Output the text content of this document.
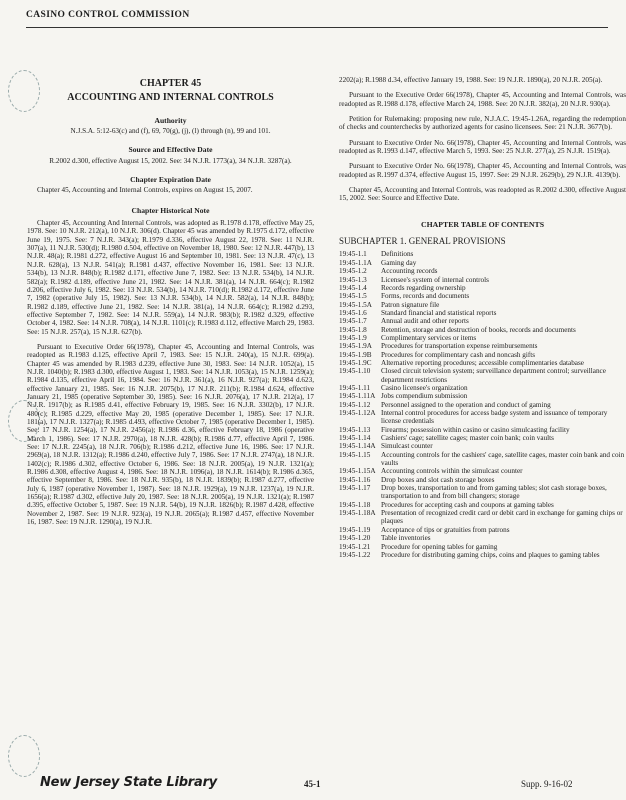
CASINO CONTROL COMMISSION
CHAPTER 45
ACCOUNTING AND INTERNAL CONTROLS
Authority
N.J.S.A. 5:12-63(c) and (f), 69, 70(g), (j), (l) through (n), 99 and 101.
Source and Effective Date
R.2002 d.300, effective August 15, 2002. See: 34 N.J.R. 1773(a), 34 N.J.R. 3287(a).
Chapter Expiration Date

Chapter 45, Accounting and Internal Controls, expires on August 15, 2007.

Chapter Historical Note

Chapter 45, Accounting And Internal Controls, was adopted as R.1978 d.178, effective May 25, 1978. See: 10 N.J.R. 212(a), 10 N.J.R. 306(d). Chapter 45 was amended by R.1975 d.172, effective June 19, 1975. See: 7 N.J.R. 343(a); R.1979 d.336, effective August 22, 1978. See: 11 N.J.R. 307(a), 11 N.J.R. 530(d); R.1980 d.504, effective on November 18, 1980. See: 12 N.J.R. 447(b), 13 N.J.R. 48(a); R.1981 d.272, effective August 16 and September 10, 1981. See: 13 N.J.R. 47(c), 13 N.J.R. 628(a), 13 N.J.R. 541(a); R.1981 d.437, effective November 16, 1981. See: 13 N.J.R. 534(b), 13 N.J.R. 848(b); R.1982 d.171, effective June 7, 1982. See: 13 N.J.R. 534(b), 14 N.J.R. 582(a); R.1982 d.189, effective June 21, 1982. See: 14 N.J.R. 381(a), 14 N.J.R. 664(c); R.1982 d.206, effective July 6, 1982. See: 13 N.J.R. 534(b), 14 N.J.R. 710(d); R.1982 d.172, effective June 7, 1982 (operative July 15, 1982). See: 13 N.J.R. 534(b), 14 N.J.R. 582(a), 14 N.J.R. 848(b); R.1982 d.189, effective June 21, 1982. See: 14 N.J.R. 381(a), 14 N.J.R. 664(c); R.1982 d.293, effective September 7, 1982. See: 14 N.J.R. 559(a), 14 N.J.R. 983(b); R.1982 d.329, effective October 4, 1982. See: 14 N.J.R. 708(a), 14 N.J.R. 1101(c); R.1983 d.112, effective March 29, 1983. See: 15 N.J.R. 257(a), 15 N.J.R. 627(b).

Pursuant to Executive Order 66(1978), Chapter 45, Accounting and Internal Controls, was readopted as R.1983 d.125, effective April 7, 1983. See: 15 N.J.R. 240(a), 15 N.J.R. 699(a). Chapter 45 was amended by R.1983 d.239, effective June 30, 1983. See: 14 N.J.R. 1052(a), 15 N.J.R. 1040(b); R.1983 d.300, effective August 1, 1983. See: 14 N.J.R. 1053(a), 15 N.J.R. 1259(a); R.1984 d.135, effective April 16, 1984. See: 16 N.J.R. 361(a), 16 N.J.R. 927(a); R.1984 d.623, effective January 21, 1985. See: 16 N.J.R. 2075(b), 17 N.J.R. 211(b); R.1984 d.624, effective January 21, 1985 (operative September 30, 1985). See: 16 N.J.R. 2076(a), 17 N.J.R. 212(a), 17 N.J.R. 1917(b); as R.1985 d.41, effective February 19, 1985. See: 16 N.J.R. 3302(b), 17 N.J.R. 480(c); R.1985 d.229, effective May 20, 1985 (operative December 1, 1985). See: 17 N.J.R. 181(a), 17 N.J.R. 1327(a); R.1985 d.493, effective October 7, 1985 (operative December 1, 1985). See: 17 N.J.R. 1254(a), 17 N.J.R. 2456(a); R.1986 d.36, effective February 18, 1986 (operative March 1, 1986). See: 17 N.J.R. 2970(a), 18 N.J.R. 428(b); R.1986 d.77, effective April 7, 1986. See: 17 N.J.R. 2245(a), 18 N.J.R. 706(b); R.1986 d.212, effective June 16, 1986. See: 17 N.J.R. 2969(a), 18 N.J.R. 1312(a); R.1986 d.240, effective July 7, 1986. See: 17 N.J.R. 2747(a), 18 N.J.R. 1402(c); R.1986 d.302, effective October 6, 1986. See: 18 N.J.R. 2005(a), 19 N.J.R. 1321(a); R.1986 d.308, effective August 4, 1986. See: 18 N.J.R. 1096(a), 18 N.J.R. 1614(b); R.1986 d.365, effective September 8, 1986. See: 18 N.J.R. 935(b), 18 N.J.R. 1839(b); R.1987 d.277, effective July 6, 1987 (operative November 1, 1987). See: 18 N.J.R. 1929(a), 19 N.J.R. 1237(a), 19 N.J.R. 1656(a); R.1987 d.302, effective July 20, 1987. See: 18 N.J.R. 2005(a), 19 N.J.R. 1321(a); R.1987 d.395, effective October 5, 1987. See: 19 N.J.R. 54(b), 19 N.J.R. 1826(b); R.1987 d.428, effective November 2, 1987. See: 19 N.J.R. 923(a), 19 N.J.R. 2065(a); R.1987 d.457, effective November 16, 1987. See: 19 N.J.R. 1290(a), 19 N.J.R.

2202(a); R.1988 d.34, effective January 19, 1988. See: 19 N.J.R. 1890(a), 20 N.J.R. 205(a).

Pursuant to the Executive Order 66(1978), Chapter 45, Accounting and Internal Controls, was readopted as R.1988 d.178, effective March 24, 1988. See: 20 N.J.R. 382(a), 20 N.J.R. 930(a).

Petition for Rulemaking: proposing new rule, N.J.A.C. 19:45-1.26A, regarding the redemption of checks and counterchecks by authorized agents for casino licensees. See: 21 N.J.R. 3677(b).

Pursuant to Executive Order No. 66(1978), Chapter 45, Accounting and Internal Controls, was readopted as R.1993 d.147, effective March 5, 1993. See: 25 N.J.R. 277(a), 25 N.J.R. 1519(a).

Pursuant to Executive Order No. 66(1978), Chapter 45, Accounting and Internal Controls, was readopted as R.1997 d.374, effective August 15, 1997. See: 29 N.J.R. 2629(b), 29 N.J.R. 4139(b).

Chapter 45, Accounting and Internal Controls, was readopted as R.2002 d.300, effective August 15, 2002. See: Source and Effective Date.

CHAPTER TABLE OF CONTENTS
SUBCHAPTER 1. GENERAL PROVISIONS
19:45-1.1	Definitions
19:45-1.1A	Gaming day
19:45-1.2	Accounting records
19:45-1.3	Licensee's system of internal controls
19:45-1.4	Records regarding ownership
19:45-1.5	Forms, records and documents
19:45-1.5A	Patron signature file
19:45-1.6	Standard financial and statistical reports
19:45-1.7	Annual audit and other reports
19:45-1.8	Retention, storage and destruction of books, records and documents
19:45-1.9	Complimentary services or items
19:45-1.9A	Procedures for transportation expense reimbursements
19:45-1.9B	Procedures for complimentary cash and noncash gifts
19:45-1.9C	Alternative reporting procedures; accessible complimentaries database
19:45-1.10	Closed circuit television system; surveillance department control; surveillance department restrictions
19:45-1.11	Casino licensee's organization
19:45-1.11A Jobs compendium submission
19:45-1.12	Personnel assigned to the operation and conduct of gaming
19:45-1.12A Internal control procedures for access badge system and issuance of temporary license credentials
19:45-1.13	Firearms; possession within casino or casino simulcasting facility
19:45-1.14	Cashiers' cage; satellite cages; master coin bank; coin vaults
19:45-1.14A Simulcast counter
19:45-1.15	Accounting controls for the cashiers' cage, satellite cages, master coin bank and coin vaults
19:45-1.15A Accounting controls within the simulcast counter
19:45-1.16	Drop boxes and slot cash storage boxes
19:45-1.17	Drop boxes, transportation to and from gaming tables; slot cash storage boxes, transportation to and from bill changers; storage
19:45-1.18	Procedures for accepting cash and coupons at gaming tables
19:45-1.18A Presentation of recognized credit card or debit card in exchange for gaming chips or plaques
19:45-1.19	Acceptance of tips or gratuities from patrons
19:45-1.20	Table inventories
19:45-1.21	Procedure for opening tables for gaming
19:45-1.22	Procedure for distributing gaming chips, coins and plaques to gaming tables
New Jersey State Library	45-1	Supp. 9-16-02
